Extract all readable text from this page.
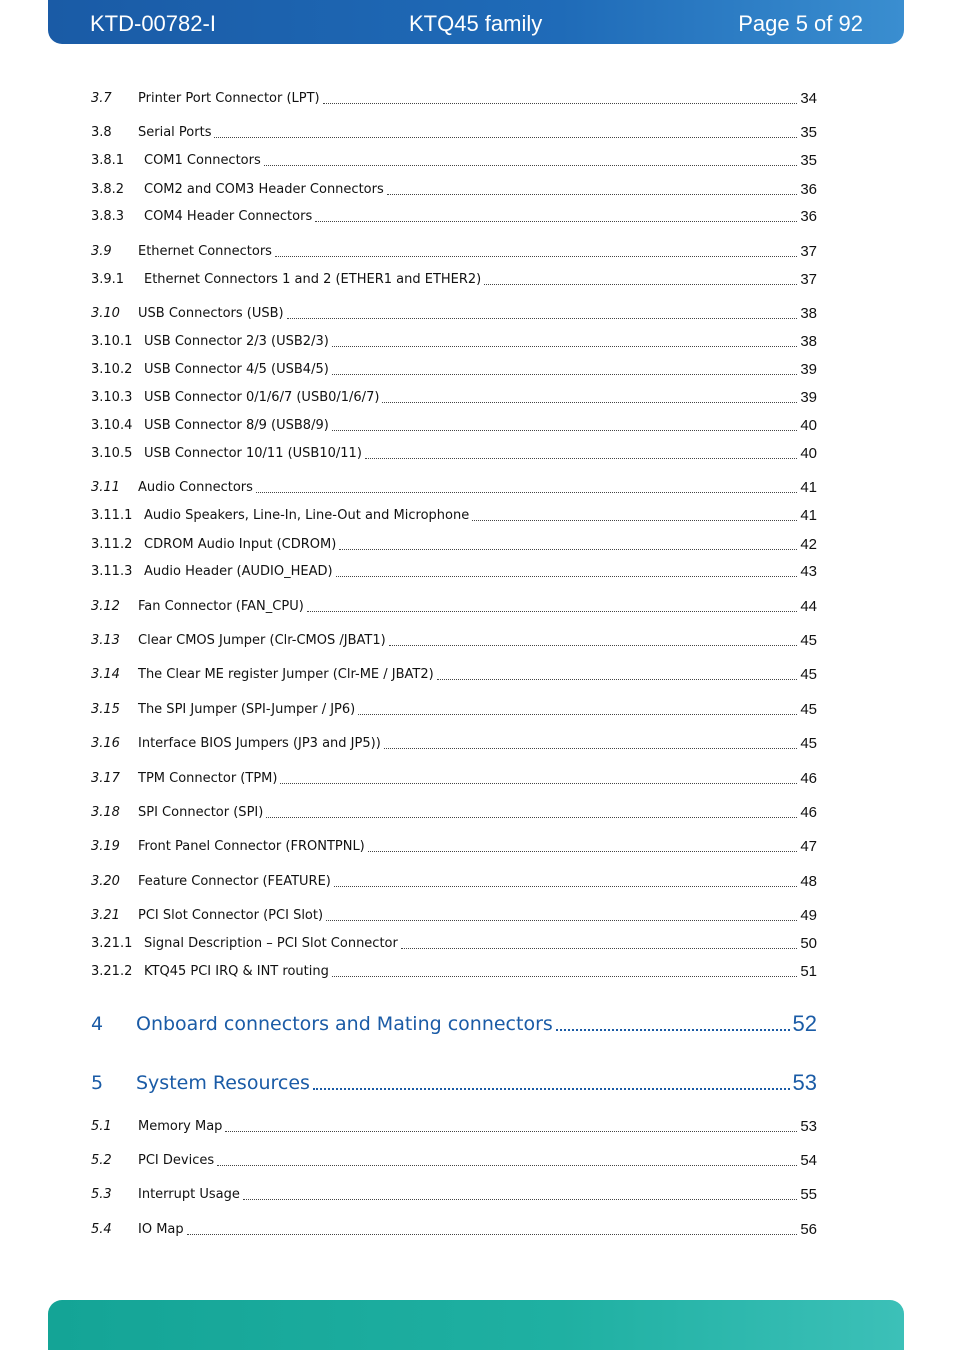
KTD-00782-I	KTQ45 family	Page 5 of 92
3.7	Printer Port Connector (LPT)	34
3.8	Serial Ports	35
3.8.1	COM1 Connectors	35
3.8.2	COM2 and COM3 Header Connectors	36
3.8.3	COM4 Header Connectors	36
3.9	Ethernet Connectors	37
3.9.1	Ethernet Connectors 1 and 2 (ETHER1 and ETHER2)	37
3.10	USB Connectors (USB)	38
3.10.1 USB Connector 2/3 (USB2/3)	38
3.10.2 USB Connector 4/5 (USB4/5)	39
3.10.3 USB Connector 0/1/6/7 (USB0/1/6/7)	39
3.10.4 USB Connector 8/9 (USB8/9)	40
3.10.5 USB Connector 10/11 (USB10/11)	40
3.11	Audio Connectors	41
3.11.1 Audio Speakers, Line-In, Line-Out and Microphone	41
3.11.2 CDROM Audio Input (CDROM)	42
3.11.3 Audio Header (AUDIO_HEAD)	43
3.12	Fan Connector (FAN_CPU)	44
3.13	Clear CMOS Jumper (Clr-CMOS /JBAT1)	45
3.14	The Clear ME register Jumper (Clr-ME / JBAT2)	45
3.15	The SPI Jumper (SPI-Jumper / JP6)	45
3.16	Interface BIOS Jumpers (JP3 and JP5))	45
3.17	TPM Connector (TPM)	46
3.18	SPI Connector (SPI)	46
3.19	Front Panel Connector (FRONTPNL)	47
3.20	Feature Connector (FEATURE)	48
3.21	PCI Slot Connector (PCI Slot)	49
3.21.1 Signal Description – PCI Slot Connector	50
3.21.2 KTQ45 PCI IRQ & INT routing	51
4	Onboard connectors and Mating connectors	52
5	System Resources	53
5.1	Memory Map	53
5.2	PCI Devices	54
5.3	Interrupt Usage	55
5.4	IO Map	56
